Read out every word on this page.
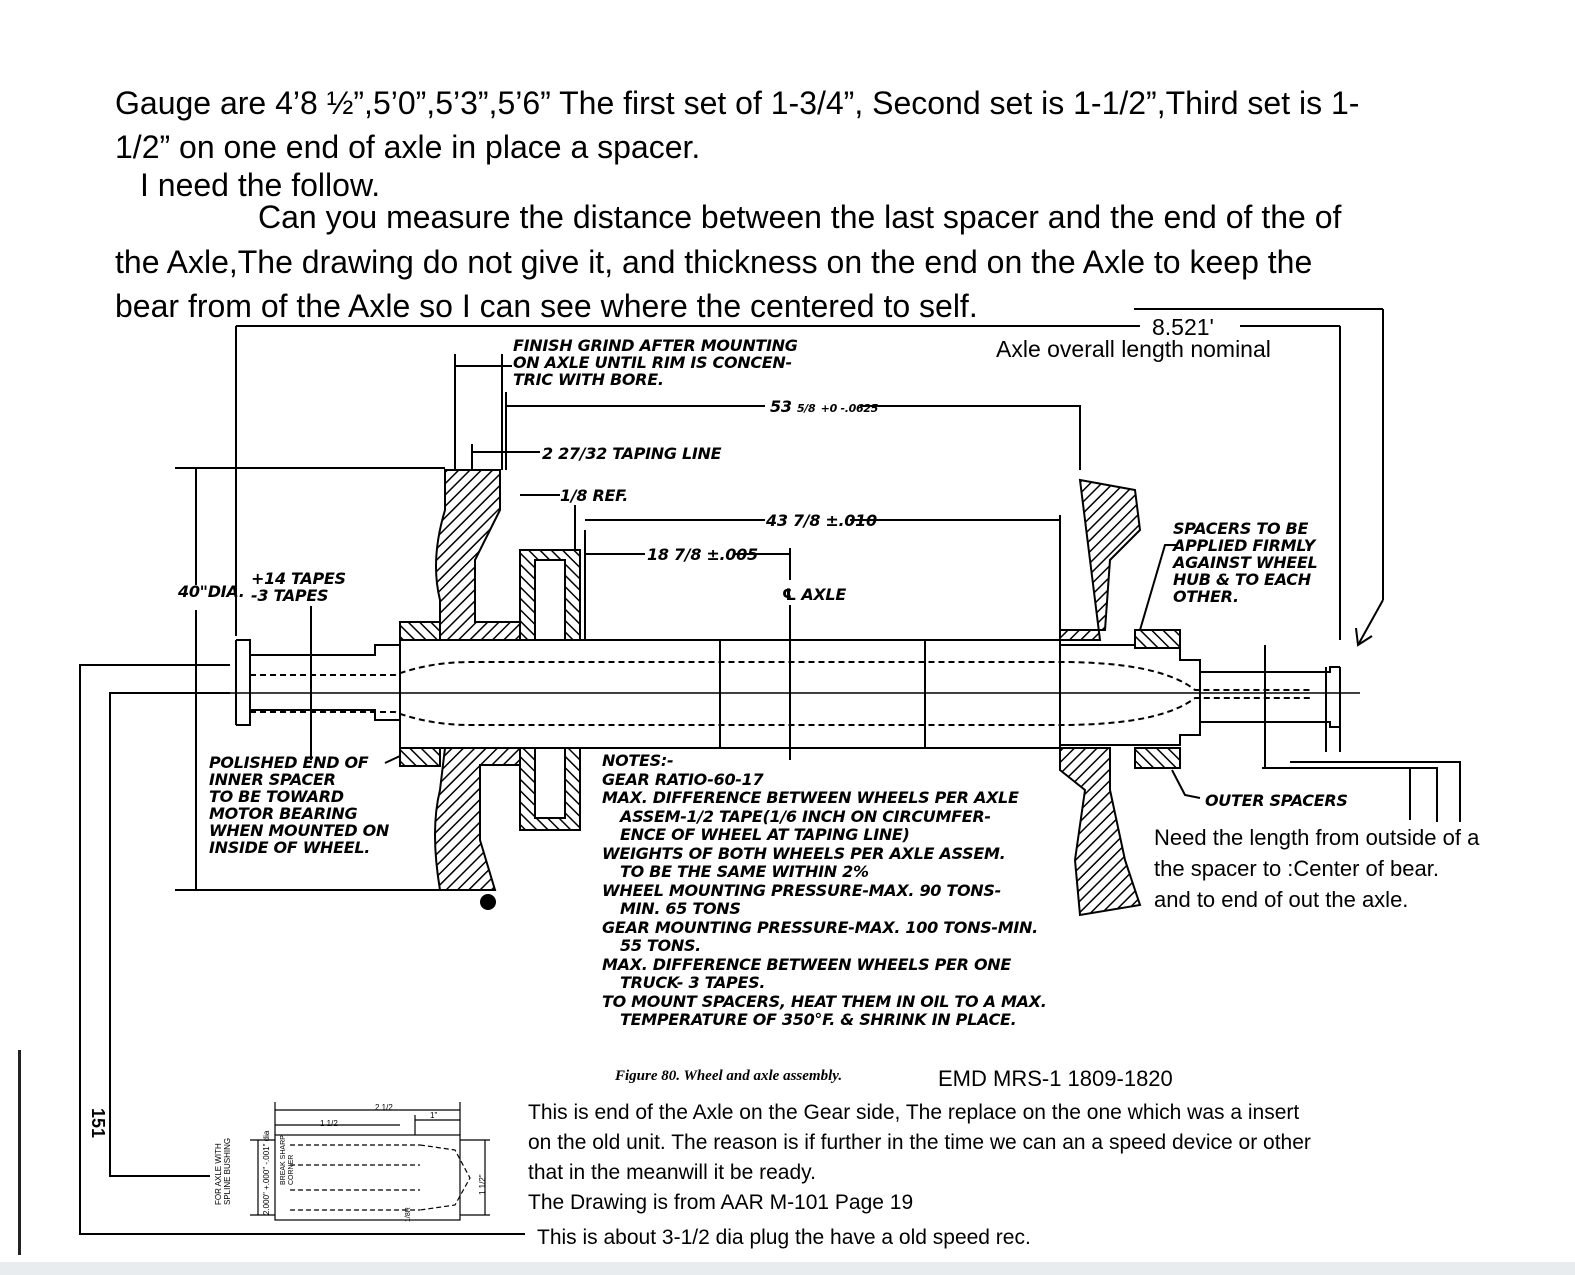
Gauge are 4’8 ½”,5’0”,5’3”,5’6” The first set of 1-3/4”, Second set is 1-1/2”,Third set is 1-
1/2” on one end of axle in place a spacer.
I need the follow.
Can you measure the distance between the last spacer and the end of the of
the Axle,The drawing do not give it, and thickness on the end on the Axle to keep the
bear from of the Axle so I can see where the centered to self.
8.521'
Axle overall length nominal
FINISH GRIND AFTER MOUNTING
ON AXLE UNTIL RIM IS CONCEN-
TRIC WITH BORE.
53 5/8 +0 -.0625
2 27/32 TAPING LINE
1/8 REF.
43 7/8 ±.010
18 7/8 ±.005
℄ AXLE
40"DIA.
+14 TAPES
-3 TAPES
SPACERS TO BE
APPLIED FIRMLY
AGAINST WHEEL
HUB & TO EACH
OTHER.
POLISHED END OF
INNER SPACER
TO BE TOWARD
MOTOR BEARING
WHEN MOUNTED ON
INSIDE OF WHEEL.
OUTER SPACERS
NOTES:-
GEAR RATIO-60-17
MAX. DIFFERENCE BETWEEN WHEELS PER AXLE
ASSEM-1/2 TAPE(1/6 INCH ON CIRCUMFER-
ENCE OF WHEEL AT TAPING LINE)
WEIGHTS OF BOTH WHEELS PER AXLE ASSEM.
TO BE THE SAME WITHIN 2%
WHEEL MOUNTING PRESSURE-MAX. 90 TONS-
MIN. 65 TONS
GEAR MOUNTING PRESSURE-MAX. 100 TONS-MIN.
55 TONS.
MAX. DIFFERENCE BETWEEN WHEELS PER ONE
TRUCK- 3 TAPES.
TO MOUNT SPACERS, HEAT THEM IN OIL TO A MAX.
TEMPERATURE OF 350°F. & SHRINK IN PLACE.
Need the length from outside of a
the spacer to :Center of bear.
and to end of out the axle.
Figure 80. Wheel and axle assembly.	EMD MRS-1 1809-1820
This is end of the Axle on the Gear side, The replace on the one which was a insert
on the old unit. The reason is if further in the time we can an a speed device or other
that in the meanwill it be ready.
The Drawing is from AAR M-101 Page 19
This is about 3-1/2 dia plug the have a old speed rec.
151
FOR AXLE WITH SPLINE BUSHING	2.000" +.000" -.001" dia BREAK SHARP CORNER
2 1/2
1 1/2
1"
1 1/2"
1/8R
